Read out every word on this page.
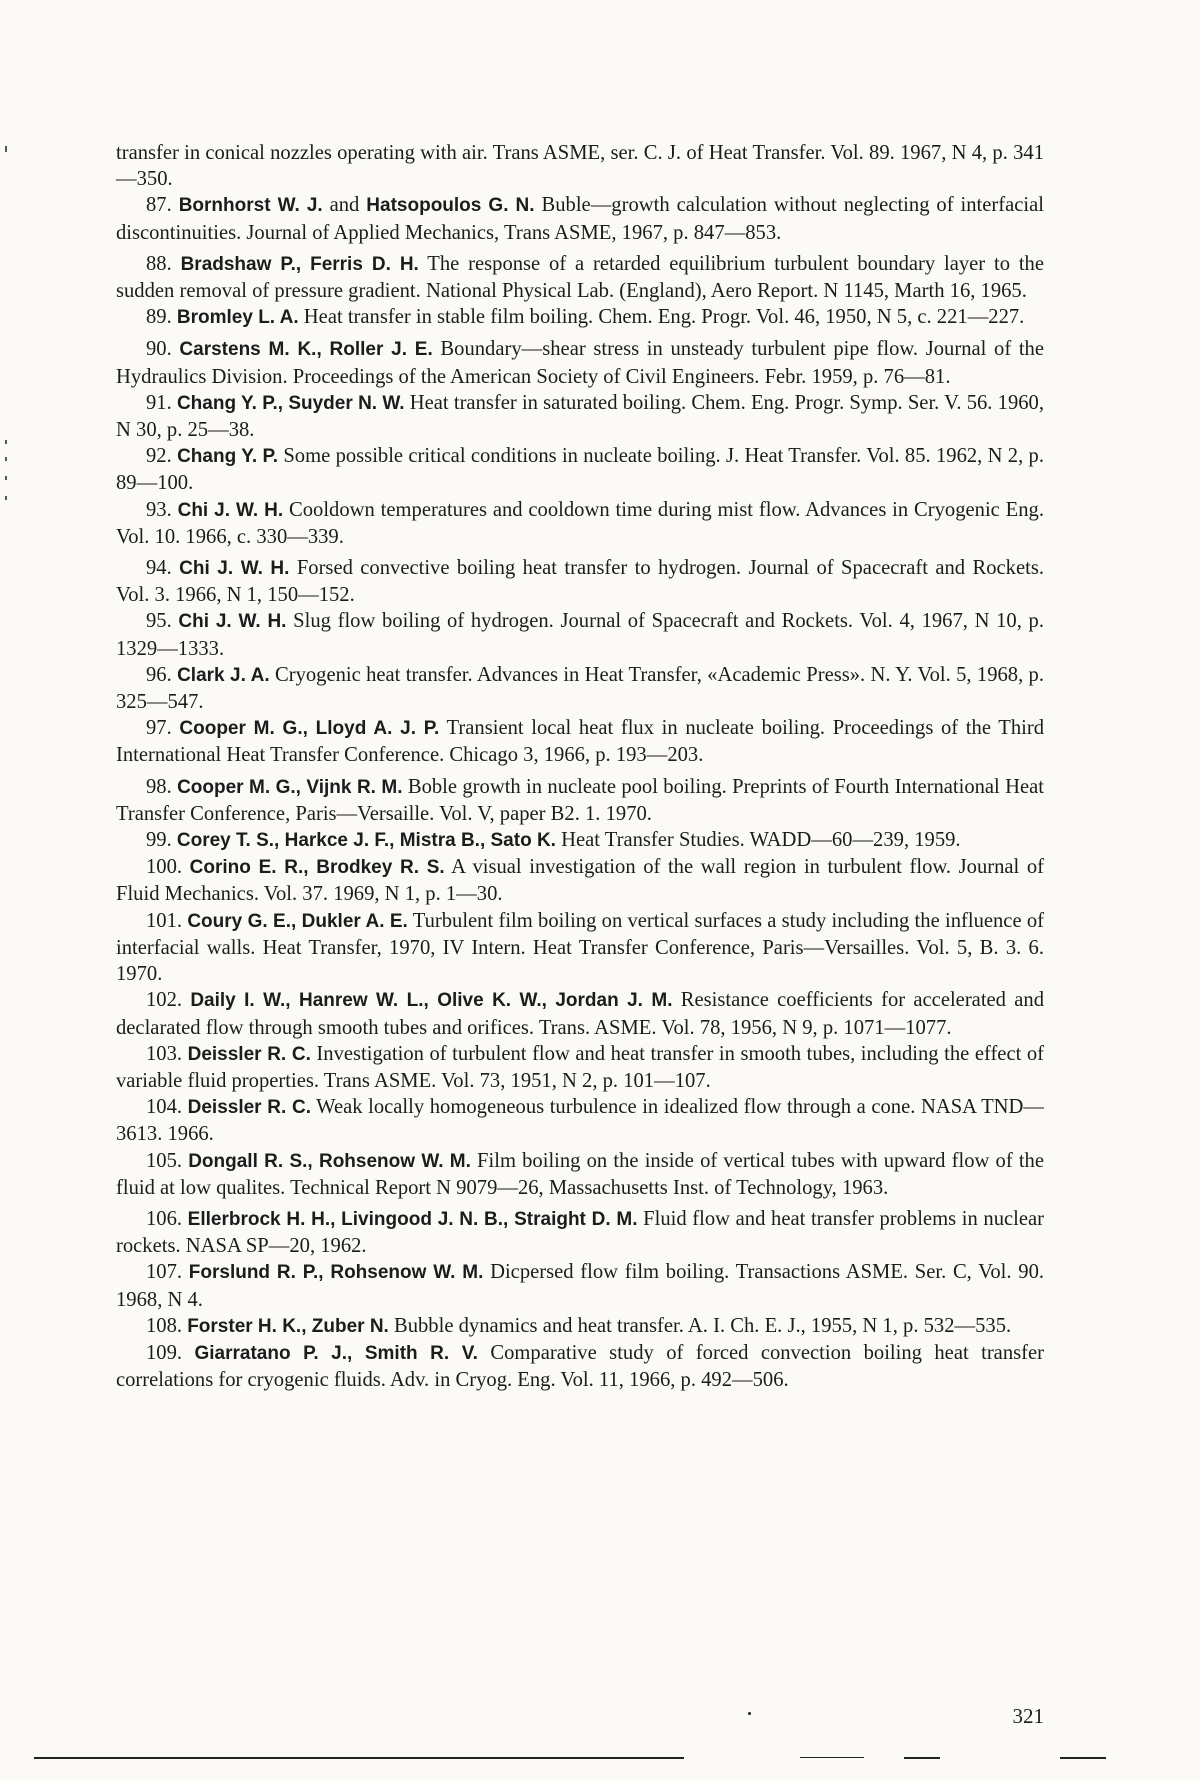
transfer in conical nozzles operating with air. Trans ASME, ser. C. J. of Heat Transfer. Vol. 89. 1967, N 4, p. 341—350.

87. Bornhorst W. J. and Hatsopoulos G. N. Buble—growth calculation without neglecting of interfacial discontinuities. Journal of Applied Mechanics, Trans ASME, 1967, p. 847—853.

88. Bradshaw P., Ferris D. H. The response of a retarded equilibrium turbulent boundary layer to the sudden removal of pressure gradient. National Physical Lab. (England), Aero Report. N 1145, Marth 16, 1965.

89. Bromley L. A. Heat transfer in stable film boiling. Chem. Eng. Progr. Vol. 46, 1950, N 5, c. 221—227.

90. Carstens M. K., Roller J. E. Boundary—shear stress in unsteady turbulent pipe flow. Journal of the Hydraulics Division. Proceedings of the American Society of Civil Engineers. Febr. 1959, p. 76—81.

91. Chang Y. P., Suyder N. W. Heat transfer in saturated boiling. Chem. Eng. Progr. Symp. Ser. V. 56. 1960, N 30, p. 25—38.

92. Chang Y. P. Some possible critical conditions in nucleate boiling. J. Heat Transfer. Vol. 85. 1962, N 2, p. 89—100.

93. Chi J. W. H. Cooldown temperatures and cooldown time during mist flow. Advances in Cryogenic Eng. Vol. 10. 1966, c. 330—339.

94. Chi J. W. H. Forsed convective boiling heat transfer to hydrogen. Journal of Spacecraft and Rockets. Vol. 3. 1966, N 1, 150—152.

95. Chi J. W. H. Slug flow boiling of hydrogen. Journal of Spacecraft and Rockets. Vol. 4, 1967, N 10, p. 1329—1333.

96. Clark J. A. Cryogenic heat transfer. Advances in Heat Transfer, «Academic Press». N. Y. Vol. 5, 1968, p. 325—547.

97. Cooper M. G., Lloyd A. J. P. Transient local heat flux in nucleate boiling. Proceedings of the Third International Heat Transfer Conference. Chicago 3, 1966, p. 193—203.

98. Cooper M. G., Vijnk R. M. Boble growth in nucleate pool boiling. Preprints of Fourth International Heat Transfer Conference, Paris—Versaille. Vol. V, paper B2. 1. 1970.

99. Corey T. S., Harkce J. F., Mistra B., Sato K. Heat Transfer Studies. WADD—60—239, 1959.

100. Corino E. R., Brodkey R. S. A visual investigation of the wall region in turbulent flow. Journal of Fluid Mechanics. Vol. 37. 1969, N 1, p. 1—30.

101. Coury G. E., Dukler A. E. Turbulent film boiling on vertical surfaces a study including the influence of interfacial walls. Heat Transfer, 1970, IV Intern. Heat Transfer Conference, Paris—Versailles. Vol. 5, B. 3. 6. 1970.

102. Daily I. W., Hanrew W. L., Olive K. W., Jordan J. M. Resistance coefficients for accelerated and declarated flow through smooth tubes and orifices. Trans. ASME. Vol. 78, 1956, N 9, p. 1071—1077.

103. Deissler R. C. Investigation of turbulent flow and heat transfer in smooth tubes, including the effect of variable fluid properties. Trans ASME. Vol. 73, 1951, N 2, p. 101—107.

104. Deissler R. C. Weak locally homogeneous turbulence in idealized flow through a cone. NASA TND—3613. 1966.

105. Dongall R. S., Rohsenow W. M. Film boiling on the inside of vertical tubes with upward flow of the fluid at low qualites. Technical Report N 9079—26, Massachusetts Inst. of Technology, 1963.

106. Ellerbrock H. H., Livingood J. N. B., Straight D. M. Fluid flow and heat transfer problems in nuclear rockets. NASA SP—20, 1962.

107. Forslund R. P., Rohsenow W. M. Dicpersed flow film boiling. Transactions ASME. Ser. C, Vol. 90. 1968, N 4.

108. Forster H. K., Zuber N. Bubble dynamics and heat transfer. A. I. Ch. E. J., 1955, N 1, p. 532—535.

109. Giarratano P. J., Smith R. V. Comparative study of forced convection boiling heat transfer correlations for cryogenic fluids. Adv. in Cryog. Eng. Vol. 11, 1966, p. 492—506.

321
